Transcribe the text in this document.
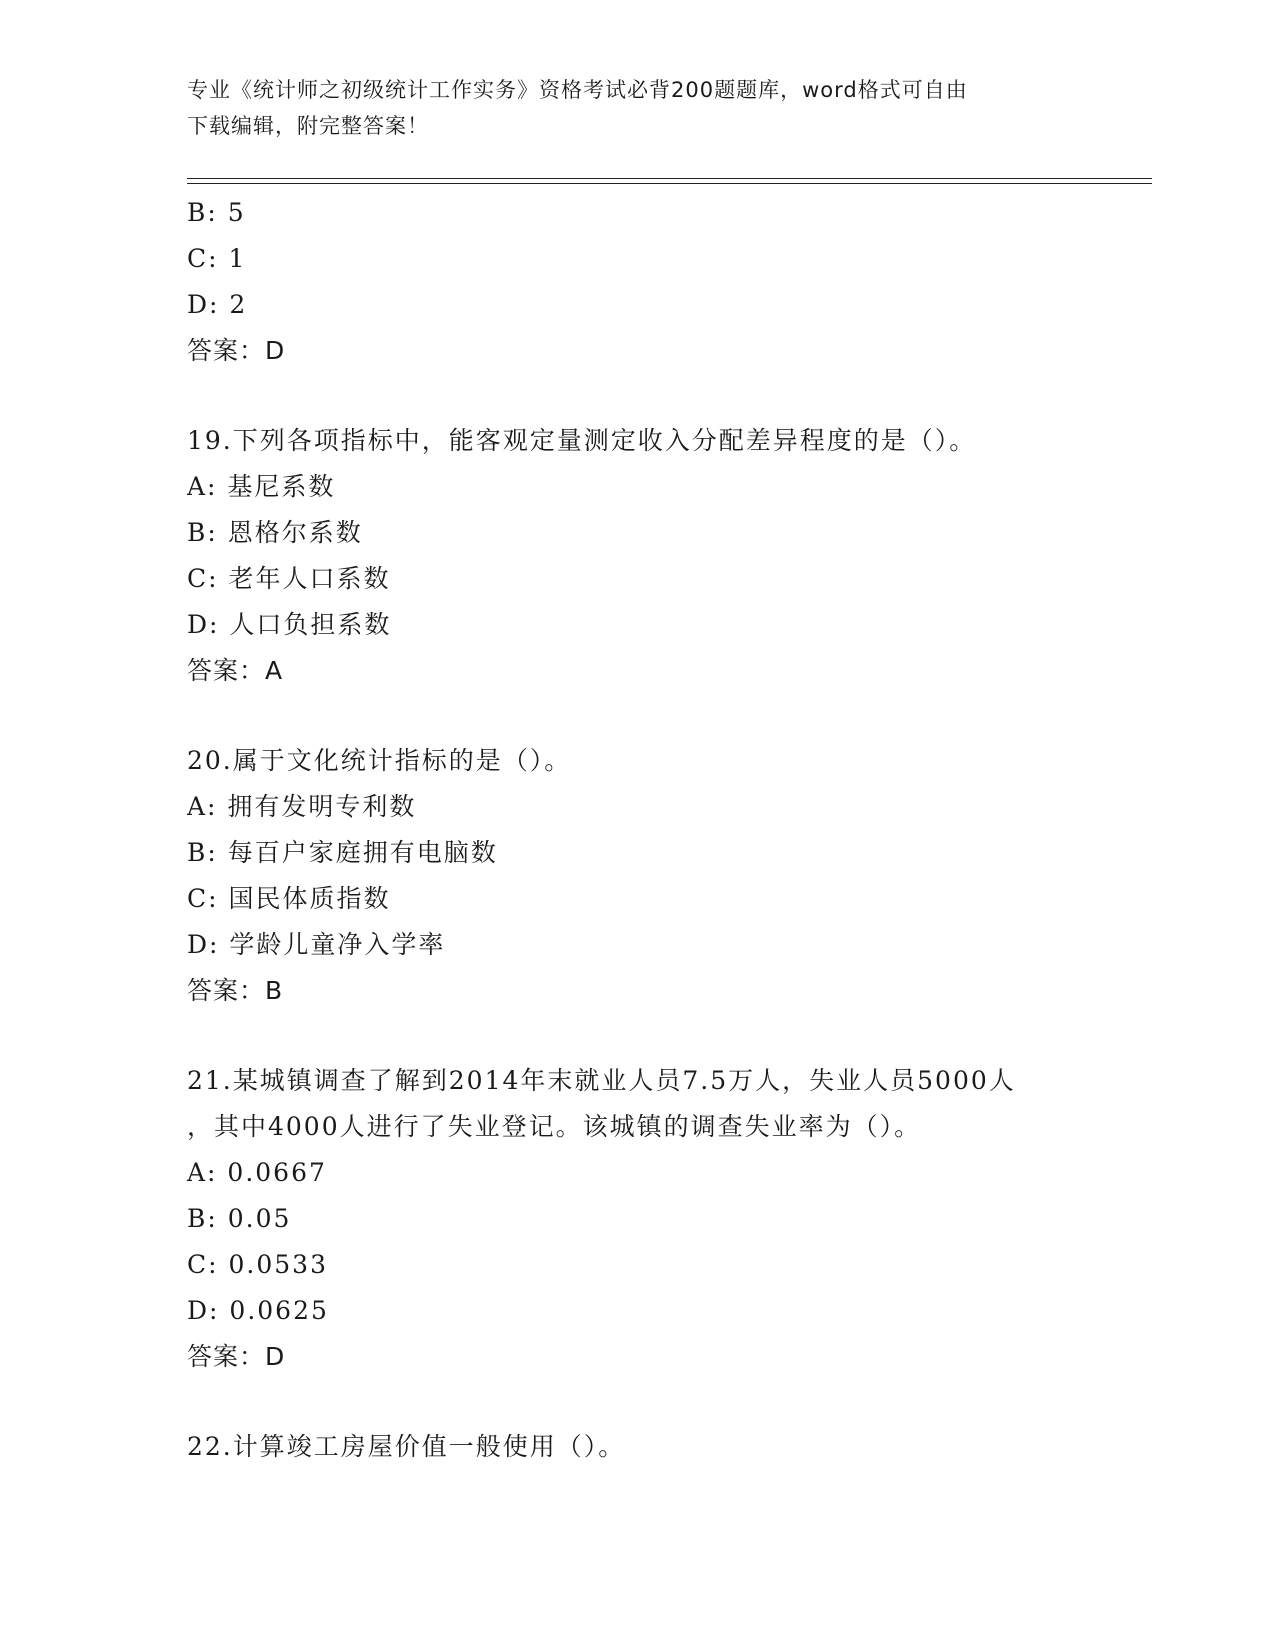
专业《统计师之初级统计工作实务》资格考试必背200题题库，word格式可自由
下载编辑，附完整答案！
B: 5
C: 1
D: 2
答案：D
19.下列各项指标中，能客观定量测定收入分配差异程度的是（）。
A: 基尼系数
B: 恩格尔系数
C: 老年人口系数
D: 人口负担系数
答案：A
20.属于文化统计指标的是（）。
A: 拥有发明专利数
B: 每百户家庭拥有电脑数
C: 国民体质指数
D: 学龄儿童净入学率
答案：B
21.某城镇调查了解到2014年末就业人员7.5万人，失业人员5000人
，其中4000人进行了失业登记。该城镇的调查失业率为（）。
A: 0.0667
B: 0.05
C: 0.0533
D: 0.0625
答案：D
22.计算竣工房屋价值一般使用（）。
